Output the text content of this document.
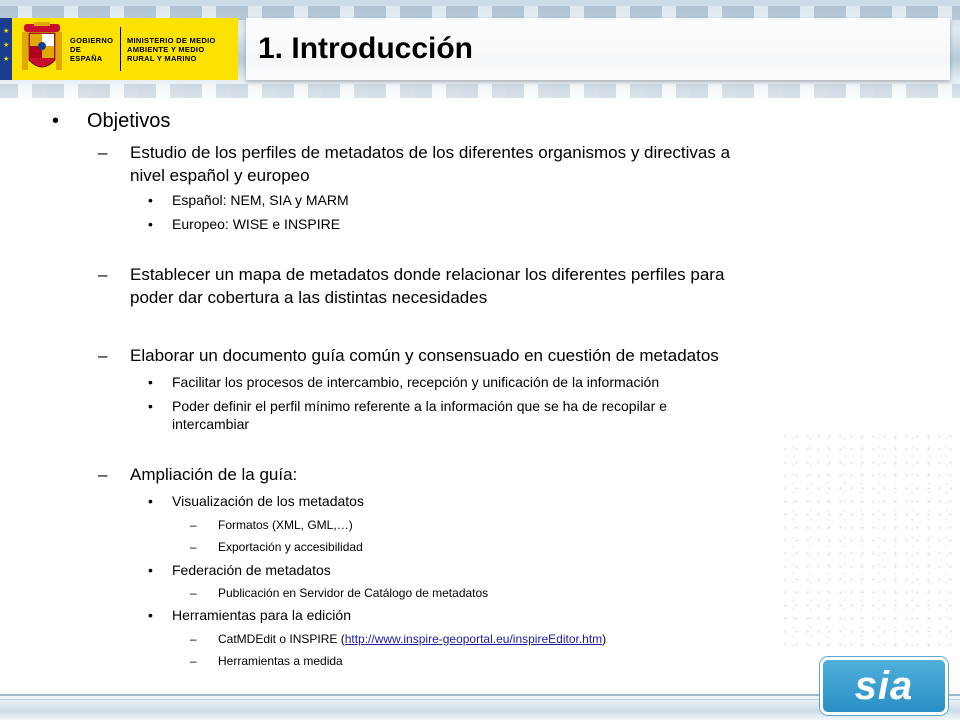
★
★
★
GOBIERNO DE ESPAÑA
MINISTERIO DE MEDIO AMBIENTE Y MEDIO RURAL Y MARINO	1. Introducción
• Objetivos
– Estudio de los perfiles de metadatos de los diferentes organismos y directivas a
nivel español y europeo
• Español: NEM, SIA y MARM
• Europeo: WISE e INSPIRE
– Establecer un mapa de metadatos donde relacionar los diferentes perfiles para
poder dar cobertura a las distintas necesidades
– Elaborar un documento guía común y consensuado en cuestión de metadatos
• Facilitar los procesos de intercambio, recepción y unificación de la información
• Poder definir el perfil mínimo referente a la información que se ha de recopilar e
intercambiar
– Ampliación de la guía:
• Visualización de los metadatos
– Formatos (XML, GML,…)
– Exportación y accesibilidad
• Federación de metadatos
– Publicación en Servidor de Catálogo de metadatos
• Herramientas para la edición
– CatMDEdit o INSPIRE (http://www.inspire-geoportal.eu/inspireEditor.htm)
– Herramientas a medida
sia
